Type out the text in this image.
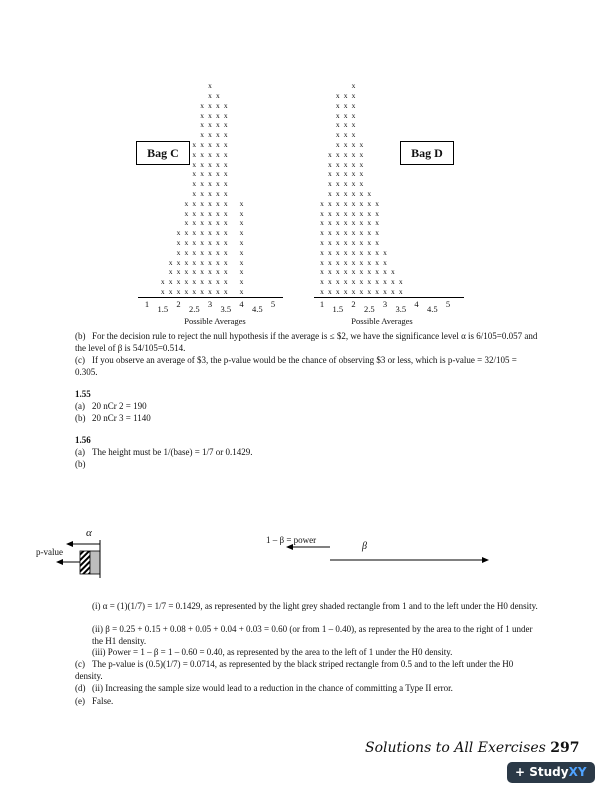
x
x
x
x
x
x
x
x
x
x
x
x
x
x
x
x
x
x
x
x
x
x
x
x
x
x
x
x
x
x
x
x
x
x
x
x
x
x
x
x
x
x
x
x
x
x
x
x
x
x
x
x
x
x
x
x
x
x
x
x
x
x
x
x
x
x
x
x
x
x
x
x
x
x
x
x
x
x
x
x
x
x
x
x
x
x
x
x
x
x
x
x
x
x
x
x
x
x
x
x
x
x
x
x
x
x
x
x
x
x
x
x
x
x
x
x
x
x
x
x
x
x
x
x
x
x
x
x
x
x
x
x
1	2	3	4	5
1.5 2.5 3.5 4.5
x
x
x
x
x
x
x
x
x
x
x
x
x
x
x
x
x
x
x
x
x
x
x
x
x
x
x
x
x
x
x
x
x
x
x
x
x
x
x
x
x
x
x
x
x
x
x
x
x
x
x
x
x
x
x
x
x
x
x
x
x
x
x
x
x
x
x
x
x
x
x
x
x
x
x
x
x
x
x
x
x
x
x
x
x
x
x
x
x
x
x
x
x
x
x
x
x
x
x
x
x
x
x
x
x
x
x
x
x
x
x
x
x
x
x
x
x
x
x
x
x
x
x
x
x
x
x
x
x
x
x
x
x
x
x
x
1	2	3	4	5
1.5 2.5 3.5 4.5
Bag C	Bag D
Possible Averages	Possible Averages
(b) For the decision rule to reject the null hypothesis if the average is ≤ $2, we have the significance level α is 6/105=0.057 and the level of β is 54/105=0.514.
(c) If you observe an average of $3, the p-value would be the chance of observing $3 or less, which is p-value = 32/105 = 0.305.
1.55
(a) 20 nCr 2 = 190
(b) 20 nCr 3 = 1140
1.56
(a) The height must be 1/(base) = 1/7 or 0.1429.
(b)
α
p-value
1 – β = power
β
(i) α = (1)(1/7) = 1/7 = 0.1429, as represented by the light grey shaded rectangle from 1 and to the left under the H0 density.
(ii) β = 0.25 + 0.15 + 0.08 + 0.05 + 0.04 + 0.03 = 0.60 (or from 1 – 0.40), as represented by the area to the right of 1 under the H1 density.
(iii) Power = 1 – β = 1 – 0.60 = 0.40, as represented by the area to the left of 1 under the H0 density.
(c) The p-value is (0.5)(1/7) = 0.0714, as represented by the black striped rectangle from 0.5 and to the left under the H0 density.
(d) (ii) Increasing the sample size would lead to a reduction in the chance of committing a Type II error.
(e) False.
Solutions to All Exercises 297
+ StudyXY
